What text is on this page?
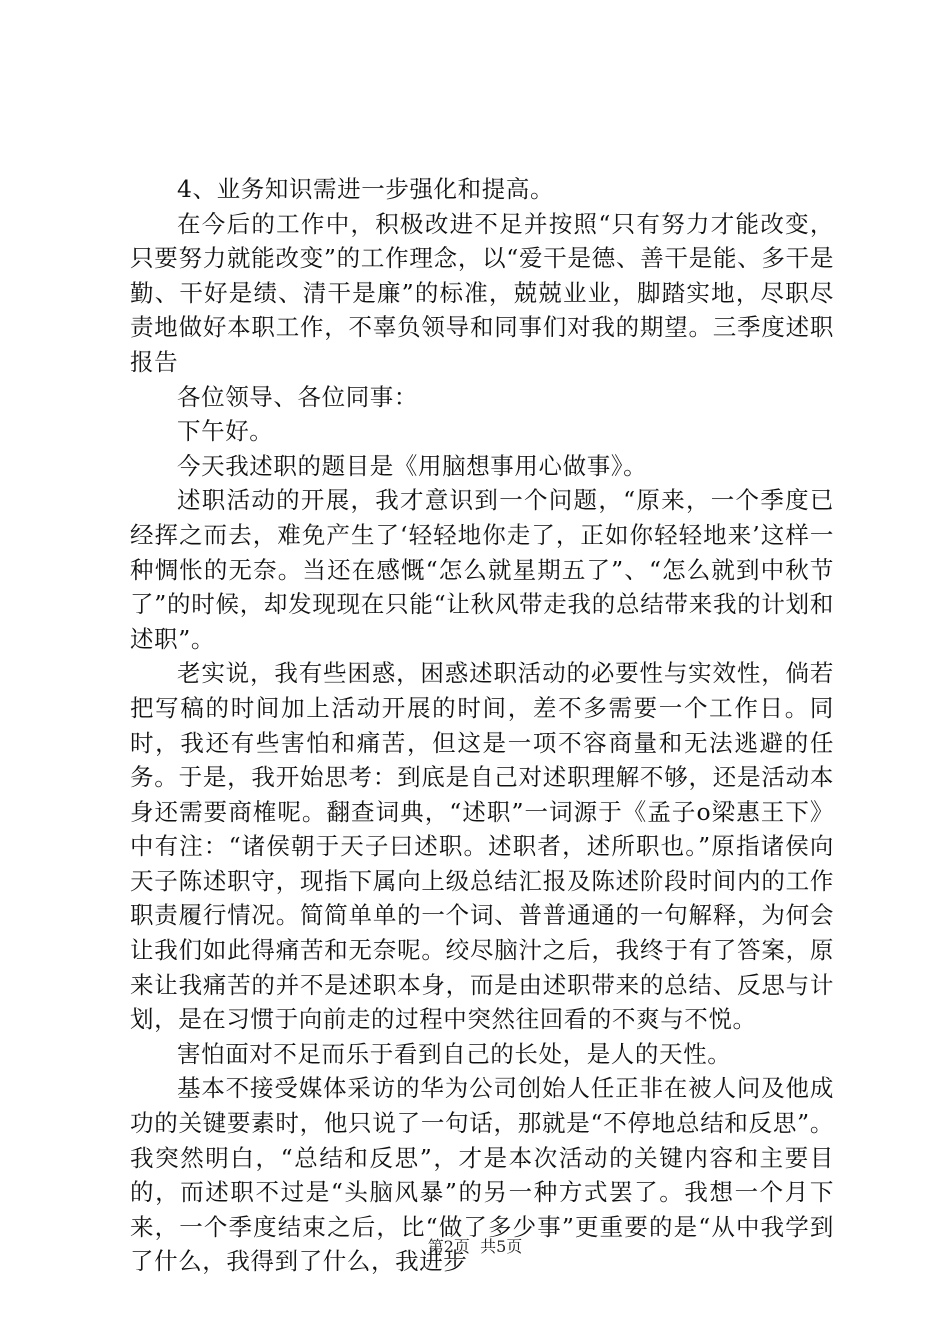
4、业务知识需进一步强化和提高。

在今后的工作中，积极改进不足并按照“只有努力才能改变，只要努力就能改变”的工作理念，以“爱干是德、善干是能、多干是勤、干好是绩、清干是廉”的标准，兢兢业业，脚踏实地，尽职尽责地做好本职工作，不辜负领导和同事们对我的期望。三季度述职报告

各位领导、各位同事：

下午好。

今天我述职的题目是《用脑想事用心做事》。

述职活动的开展，我才意识到一个问题，“原来，一个季度已经挥之而去，难免产生了‘轻轻地你走了，正如你轻轻地来’这样一种惆怅的无奈。当还在感慨“怎么就星期五了”、“怎么就到中秋节了”的时候，却发现现在只能“让秋风带走我的总结带来我的计划和述职”。

老实说，我有些困惑，困惑述职活动的必要性与实效性，倘若把写稿的时间加上活动开展的时间，差不多需要一个工作日。同时，我还有些害怕和痛苦，但这是一项不容商量和无法逃避的任务。于是，我开始思考：到底是自己对述职理解不够，还是活动本身还需要商榷呢。翻查词典，“述职”一词源于《孟子o梁惠王下》中有注：“诸侯朝于天子曰述职。述职者，述所职也。”原指诸侯向天子陈述职守，现指下属向上级总结汇报及陈述阶段时间内的工作职责履行情况。简简单单的一个词、普普通通的一句解释，为何会让我们如此得痛苦和无奈呢。绞尽脑汁之后，我终于有了答案，原来让我痛苦的并不是述职本身，而是由述职带来的总结、反思与计划，是在习惯于向前走的过程中突然往回看的不爽与不悦。

害怕面对不足而乐于看到自己的长处，是人的天性。

基本不接受媒体采访的华为公司创始人任正非在被人问及他成功的关键要素时，他只说了一句话，那就是“不停地总结和反思”。我突然明白，“总结和反思”，才是本次活动的关键内容和主要目的，而述职不过是“头脑风暴”的另一种方式罢了。我想一个月下来，一个季度结束之后，比“做了多少事”更重要的是“从中我学到了什么，我得到了什么，我进步

第2页  共5页
